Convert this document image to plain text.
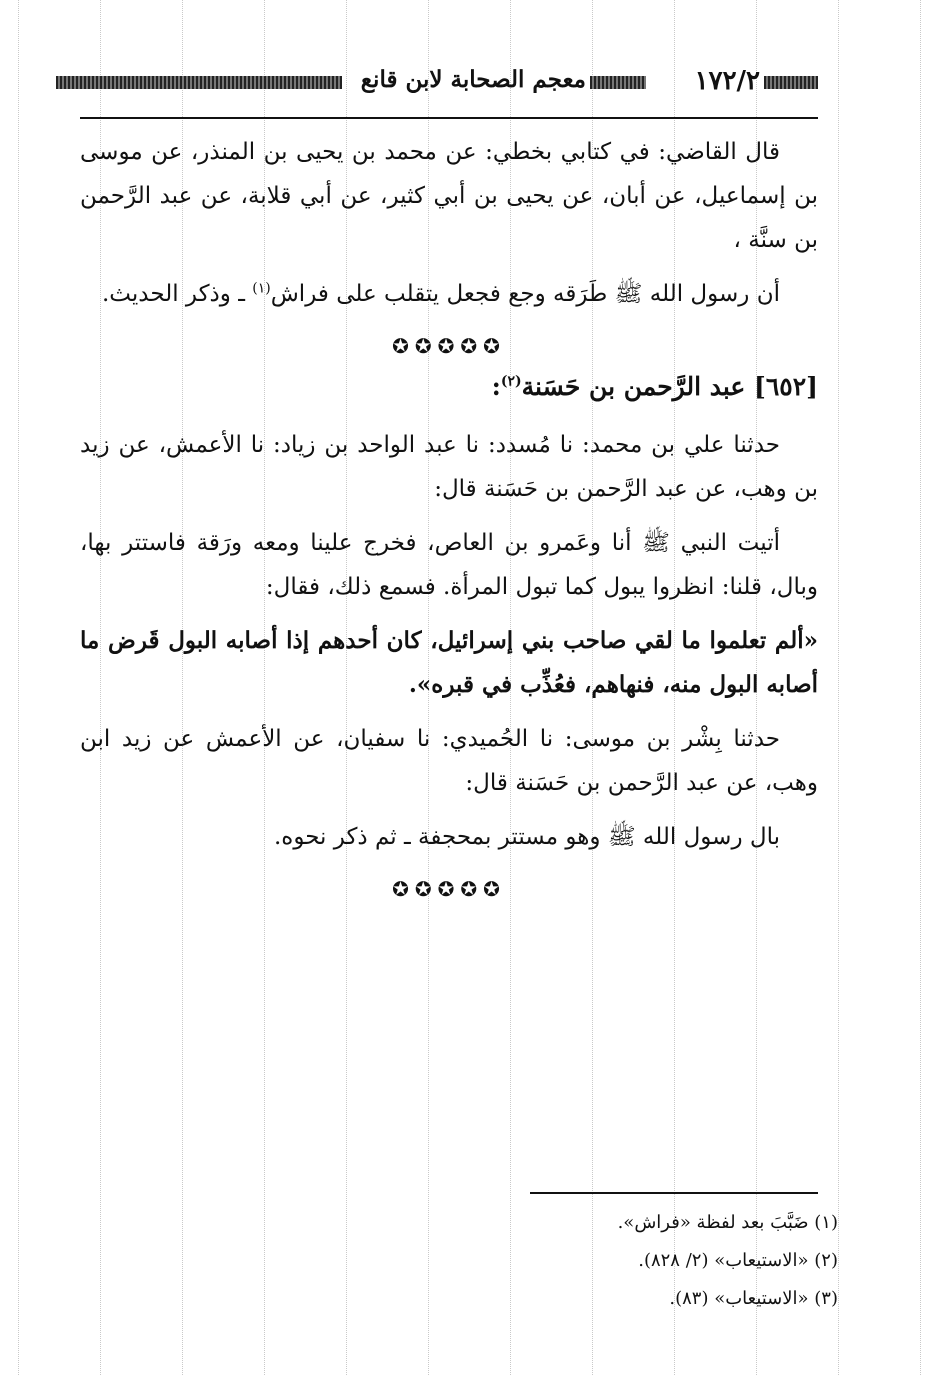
١٧٢/٢
معجم الصحابة لابن قانع

قال القاضي: في كتابي بخطي: عن محمد بن يحيى بن المنذر، عن موسى بن إسماعيل، عن أبان، عن يحيى بن أبي كثير، عن أبي قلابة، عن عبد الرَّحمن بن سنَّة ،

أن رسول الله ﷺ طَرَقه وجع فجعل يتقلب على فراش$^{(١)}$ ـ وذكر الحديث.

✪✪✪✪✪
[٦٥٢] عبد الرَّحمن بن حَسَنة$^{(٢)}$:

حدثنا علي بن محمد: نا مُسدد: نا عبد الواحد بن زياد: نا الأعمش، عن زيد بن وهب، عن عبد الرَّحمن بن حَسَنة قال:

أتيت النبي ﷺ أنا وعَمرو بن العاص، فخرج علينا ومعه ورَقة فاستتر بها، وبال، قلنا: انظروا يبول كما تبول المرأة. فسمع ذلك، فقال:

«ألم تعلموا ما لقي صاحب بني إسرائيل، كان أحدهم إذا أصابه البول قَرض ما أصابه البول منه، فنهاهم، فعُذِّب في قبره».

حدثنا بِشْر بن موسى: نا الحُميدي: نا سفيان، عن الأعمش عن زيد ابن وهب، عن عبد الرَّحمن بن حَسَنة قال:

بال رسول الله ﷺ وهو مستتر بمحجفة ـ ثم ذكر نحوه.

✪✪✪✪✪
(١) ضَبَّبَ بعد لفظة «فراش».
(٢) «الاستيعاب» (٢/ ٨٢٨).
(٣) «الاستيعاب» (٨٣).
